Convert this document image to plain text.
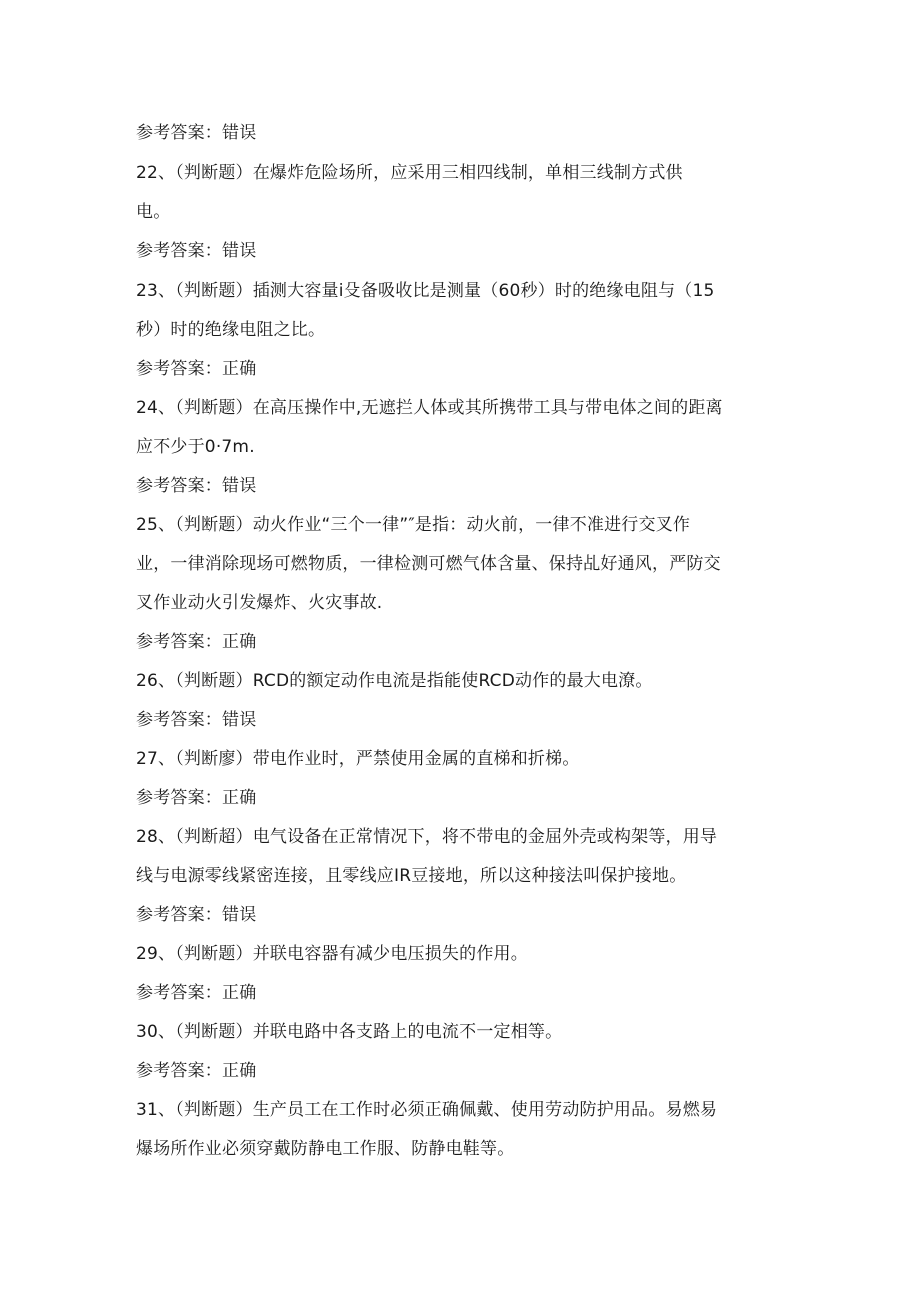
参考答案：错误
22、（判断题）在爆炸危险场所，应采用三相四线制，单相三线制方式供
电。
参考答案：错误
23、（判断题）插测大容量i殳备吸收比是测量（60秒）时的绝缘电阻与（15
秒）时的绝缘电阻之比。
参考答案：正确
24、（判断题）在高压操作中,无遮拦人体或其所携带工具与带电体之间的距离
应不少于0·7m.
参考答案：错误
25、（判断题）动火作业“三个一律”″是指：动火前，一律不准进行交叉作
业，一律消除现场可燃物质，一律检测可燃气体含量、保持乩好通风，严防交
叉作业动火引发爆炸、火灾事故.
参考答案：正确
26、（判断题）RCD的额定动作电流是指能使RCD动作的最大电潦。
参考答案：错误
27、（判断廖）带电作业时，严禁使用金属的直梯和折梯。
参考答案：正确
28、（判断超）电气设备在正常情况下，将不带电的金屈外壳或构架等，用导
线与电源零线紧密连接，且零线应IR豆接地，所以这种接法叫保护接地。
参考答案：错误
29、（判断题）并联电容器有减少电压损失的作用。
参考答案：正确
30、（判断题）并联电路中各支路上的电流不一定相等。
参考答案：正确
31、（判断题）生产员工在工作时必须正确佩戴、使用劳动防护用品。易燃易
爆场所作业必须穿戴防静电工作服、防静电鞋等。
